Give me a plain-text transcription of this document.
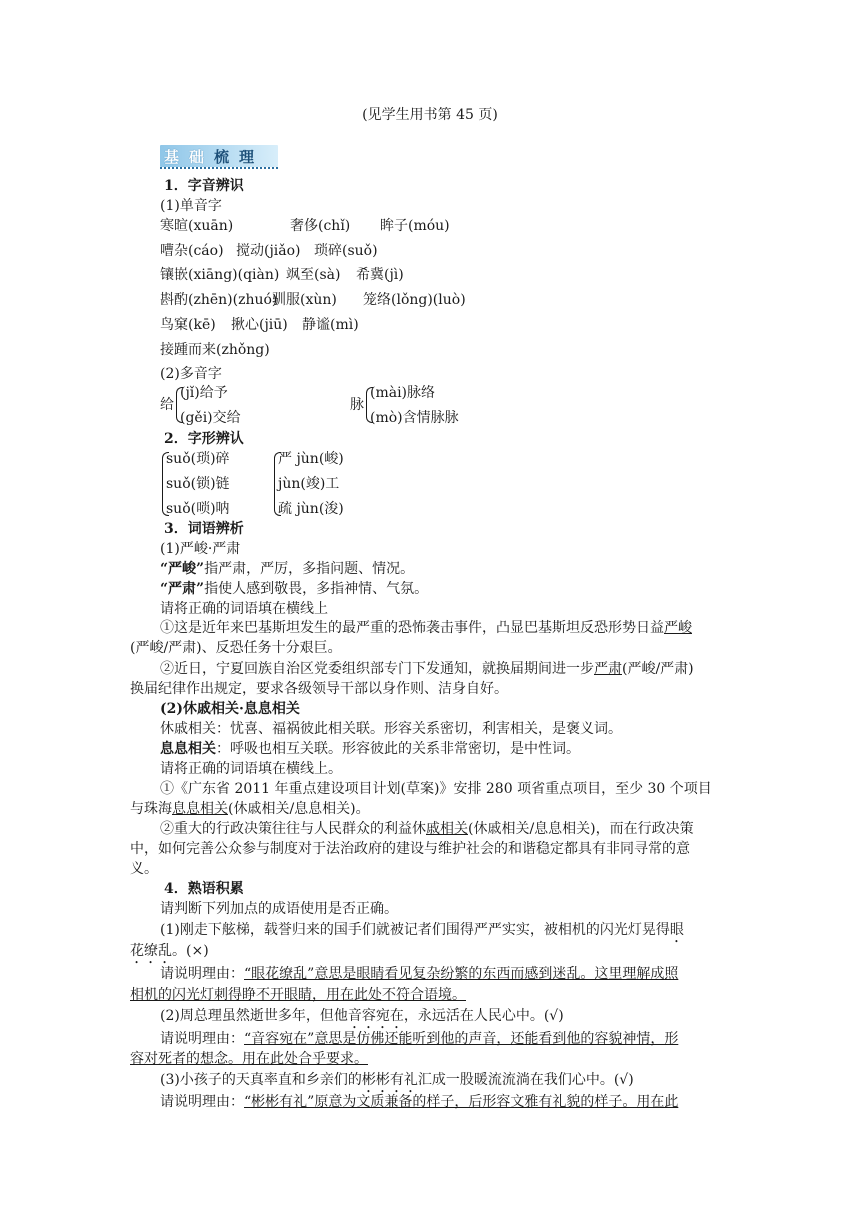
(见学生用书第 45 页)
基础梳理
1．字音辨识
(1)单音字
寒暄(xuān)	奢侈(chǐ) 眸子(móu)
嘈杂(cáo) 搅动(jiǎo) 琐碎(suǒ)
镶嵌(xiāng)(qiàn) 飒至(sà) 希冀(jì)
斟酌(zhēn)(zhuó)
驯服(xùn) 笼络(lǒng)(luò)
鸟窠(kē) 揪心(jiū) 静谧(mì)
接踵而来(zhǒng)
(2)多音字
给
(jǐ)给予
(gěi)交给
脉
(mài)脉络
(mò)含情脉脉
2．字形辨认
suǒ(琐)碎
suǒ(锁)链
suǒ(唢)呐
严 jùn(峻)
jùn(竣)工
疏 jùn(浚)
3．词语辨析
(1)严峻·严肃
“严峻”指严肃，严厉，多指问题、情况。
“严肃”指使人感到敬畏，多指神情、气氛。
请将正确的词语填在横线上
①这是近年来巴基斯坦发生的最严重的恐怖袭击事件，凸显巴基斯坦反恐形势日益严峻
(严峻/严肃)、反恐任务十分艰巨。
②近日，宁夏回族自治区党委组织部专门下发通知，就换届期间进一步严肃(严峻/严肃)
换届纪律作出规定，要求各级领导干部以身作则、洁身自好。
(2)休戚相关·息息相关
休戚相关：忧喜、福祸彼此相关联。形容关系密切，利害相关，是褒义词。
息息相关：呼吸也相互关联。形容彼此的关系非常密切，是中性词。
请将正确的词语填在横线上。
①《广东省 2011 年重点建设项目计划(草案)》安排 280 项省重点项目，至少 30 个项目
与珠海息息相关(休戚相关/息息相关)。
②重大的行政决策往往与人民群众的利益休戚相关(休戚相关/息息相关)，而在行政决策
中，如何完善公众参与制度对于法治政府的建设与维护社会的和谐稳定都具有非同寻常的意
义。
4．熟语积累
请判断下列加点的成语使用是否正确。
(1)刚走下舷梯，载誉归来的国手们就被记者们围得严严实实，被相机的闪光灯晃得眼
花缭乱。(×)
请说明理由：“眼花缭乱”意思是眼睛看见复杂纷繁的东西而感到迷乱。这里理解成照
相机的闪光灯刺得睁不开眼睛，用在此处不符合语境。
(2)周总理虽然逝世多年，但他音容宛在，永远活在人民心中。(√)
请说明理由：“音容宛在”意思是仿佛还能听到他的声音，还能看到他的容貌神情，形
容对死者的想念。用在此处合乎要求。
(3)小孩子的天真率直和乡亲们的彬彬有礼汇成一股暖流流淌在我们心中。(√)
请说明理由：“彬彬有礼”原意为文质兼备的样子，后形容文雅有礼貌的样子。用在此
